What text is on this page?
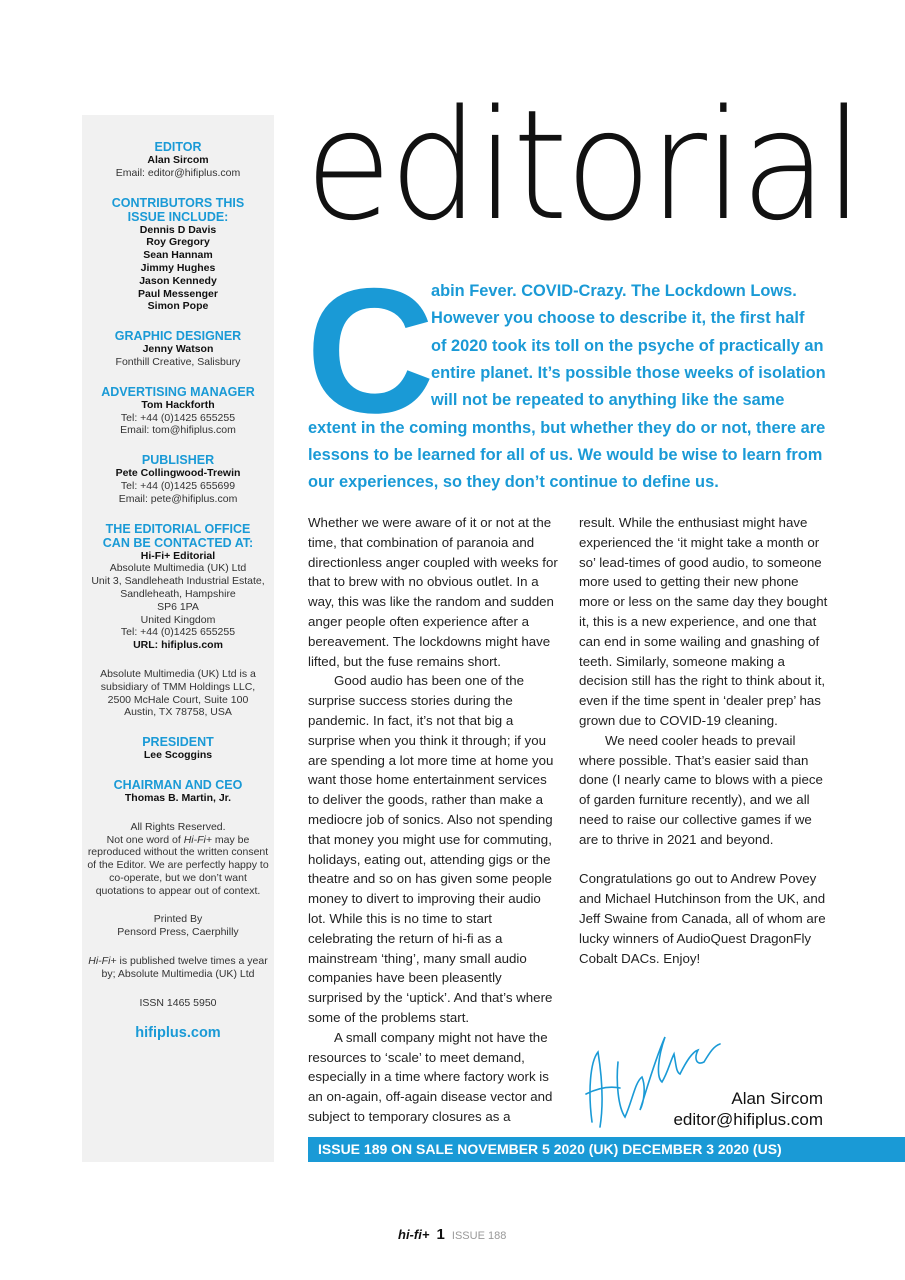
EDITOR
Alan Sircom
Email: editor@hifiplus.com
CONTRIBUTORS THIS ISSUE INCLUDE:
Dennis D Davis
Roy Gregory
Sean Hannam
Jimmy Hughes
Jason Kennedy
Paul Messenger
Simon Pope
GRAPHIC DESIGNER
Jenny Watson
Fonthill Creative, Salisbury
ADVERTISING MANAGER
Tom Hackforth
Tel: +44 (0)1425 655255
Email: tom@hifiplus.com
PUBLISHER
Pete Collingwood-Trewin
Tel: +44 (0)1425 655699
Email: pete@hifiplus.com
THE EDITORIAL OFFICE CAN BE CONTACTED AT:
Hi-Fi+ Editorial
Absolute Multimedia (UK) Ltd
Unit 3, Sandleheath Industrial Estate,
Sandleheath, Hampshire
SP6 1PA
United Kingdom
Tel: +44 (0)1425 655255
URL: hifiplus.com
Absolute Multimedia (UK) Ltd is a subsidiary of TMM Holdings LLC, 2500 McHale Court, Suite 100 Austin, TX 78758, USA
PRESIDENT
Lee Scoggins
CHAIRMAN AND CEO
Thomas B. Martin, Jr.
All Rights Reserved.
Not one word of Hi-Fi+ may be reproduced without the written consent of the Editor. We are perfectly happy to co-operate, but we don’t want quotations to appear out of context.
Printed By
Pensord Press, Caerphilly
Hi-Fi+ is published twelve times a year by; Absolute Multimedia (UK) Ltd
ISSN 1465 5950
hifiplus.com
editorial
C
abin Fever. COVID-Crazy. The Lockdown Lows.
However you choose to describe it, the first half
of 2020 took its toll on the psyche of practically an
entire planet. It’s possible those weeks of isolation
will not be repeated to anything like the same
extent in the coming months, but whether they do or not, there are
lessons to be learned for all of us. We would be wise to learn from
our experiences, so they don’t continue to define us.

Whether we were aware of it or not at the time, that combination of paranoia and directionless anger coupled with weeks for that to brew with no obvious outlet. In a way, this was like the random and sudden anger people often experience after a bereavement. The lockdowns might have lifted, but the fuse remains short.

Good audio has been one of the surprise success stories during the pandemic. In fact, it’s not that big a surprise when you think it through; if you are spending a lot more time at home you want those home entertainment services to deliver the goods, rather than make a mediocre job of sonics. Also not spending that money you might use for commuting, holidays, eating out, attending gigs or the theatre and so on has given some people money to divert to improving their audio lot. While this is no time to start celebrating the return of hi-fi as a mainstream ‘thing’, many small audio companies have been pleasently surprised by the ‘uptick’. And that’s where some of the problems start.

A small company might not have the resources to ‘scale’ to meet demand, especially in a time where factory work is an on-again, off-again disease vector and subject to temporary closures as a

result. While the enthusiast might have experienced the ‘it might take a month or so’ lead-times of good audio, to someone more used to getting their new phone more or less on the same day they bought it, this is a new experience, and one that can end in some wailing and gnashing of teeth. Similarly, someone making a decision still has the right to think about it, even if the time spent in ‘dealer prep’ has grown due to COVID-19 cleaning.

We need cooler heads to prevail where possible. That’s easier said than done (I nearly came to blows with a piece of garden furniture recently), and we all need to raise our collective games if we are to thrive in 2021 and beyond.

Congratulations go out to Andrew Povey and Michael Hutchinson from the UK, and Jeff Swaine from Canada, all of whom are lucky winners of AudioQuest DragonFly Cobalt DACs. Enjoy!

Alan Sircom
editor@hifiplus.com
ISSUE 189 ON SALE NOVEMBER 5 2020 (UK) DECEMBER 3 2020 (US)
hi-fi+ 1 ISSUE 188
